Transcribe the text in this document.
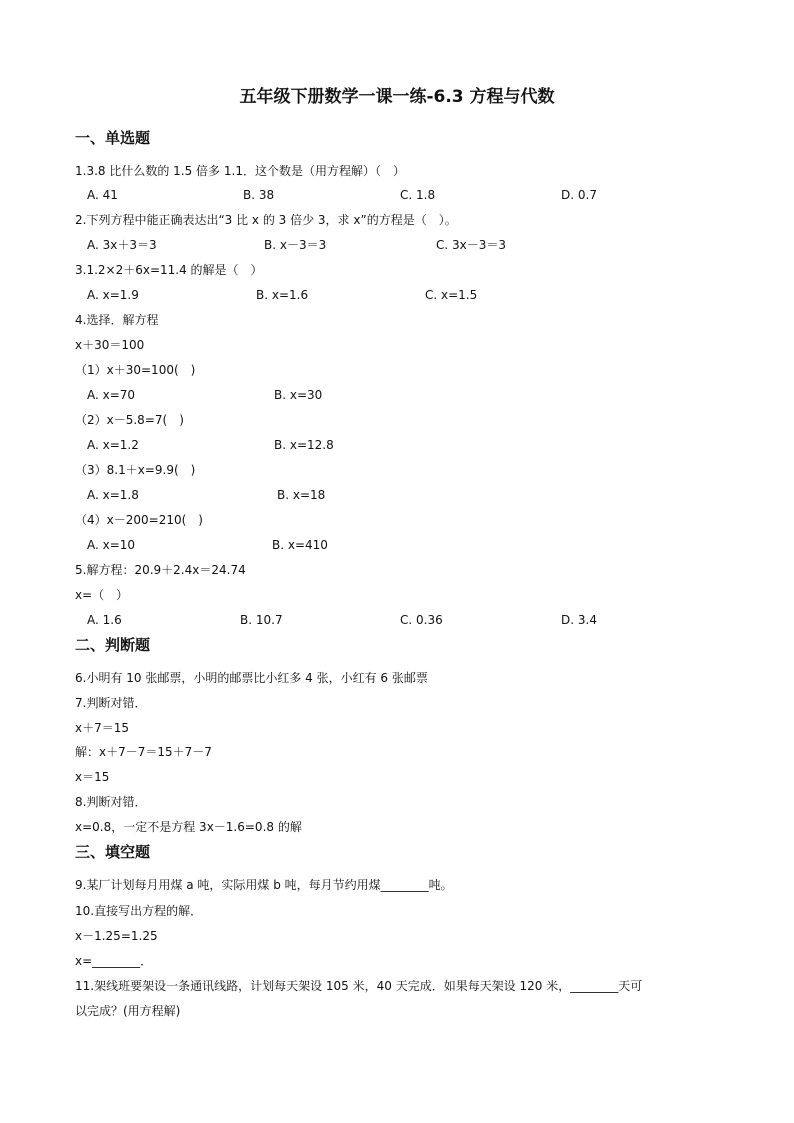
五年级下册数学一课一练-6.3 方程与代数
一、单选题
1.3.8 比什么数的 1.5 倍多 1.1．这个数是（用方程解）（　）
A. 41	B. 38	C. 1.8	D. 0.7
2.下列方程中能正确表达出“3 比 x 的 3 倍少 3，求 x”的方程是（　）。
A. 3x＋3＝3	B. x－3＝3	C. 3x－3＝3
3.1.2×2＋6x=11.4 的解是（　）
A. x=1.9	B. x=1.6	C. x=1.5
4.选择．解方程
x＋30＝100
（1）x＋30=100(　)
A. x=70	B. x=30
（2）x－5.8=7(　)
A. x=1.2	B. x=12.8
（3）8.1＋x=9.9(　)
A. x=1.8	B. x=18
（4）x－200=210(　)
A. x=10	B. x=410
5.解方程：20.9＋2.4x＝24.74
x=（　）
A. 1.6	B. 10.7	C. 0.36	D. 3.4
二、判断题
6.小明有 10 张邮票，小明的邮票比小红多 4 张，小红有 6 张邮票
7.判断对错．
x＋7＝15
解：x＋7－7＝15＋7－7
x＝15
8.判断对错．
x=0.8，一定不是方程 3x－1.6=0.8 的解
三、填空题
9.某厂计划每月用煤 a 吨，实际用煤 b 吨，每月节约用煤________吨。
10.直接写出方程的解．
x－1.25=1.25
x=________．
11.架线班要架设一条通讯线路，计划每天架设 105 米，40 天完成．如果每天架设 120 米，________天可
以完成？(用方程解)
